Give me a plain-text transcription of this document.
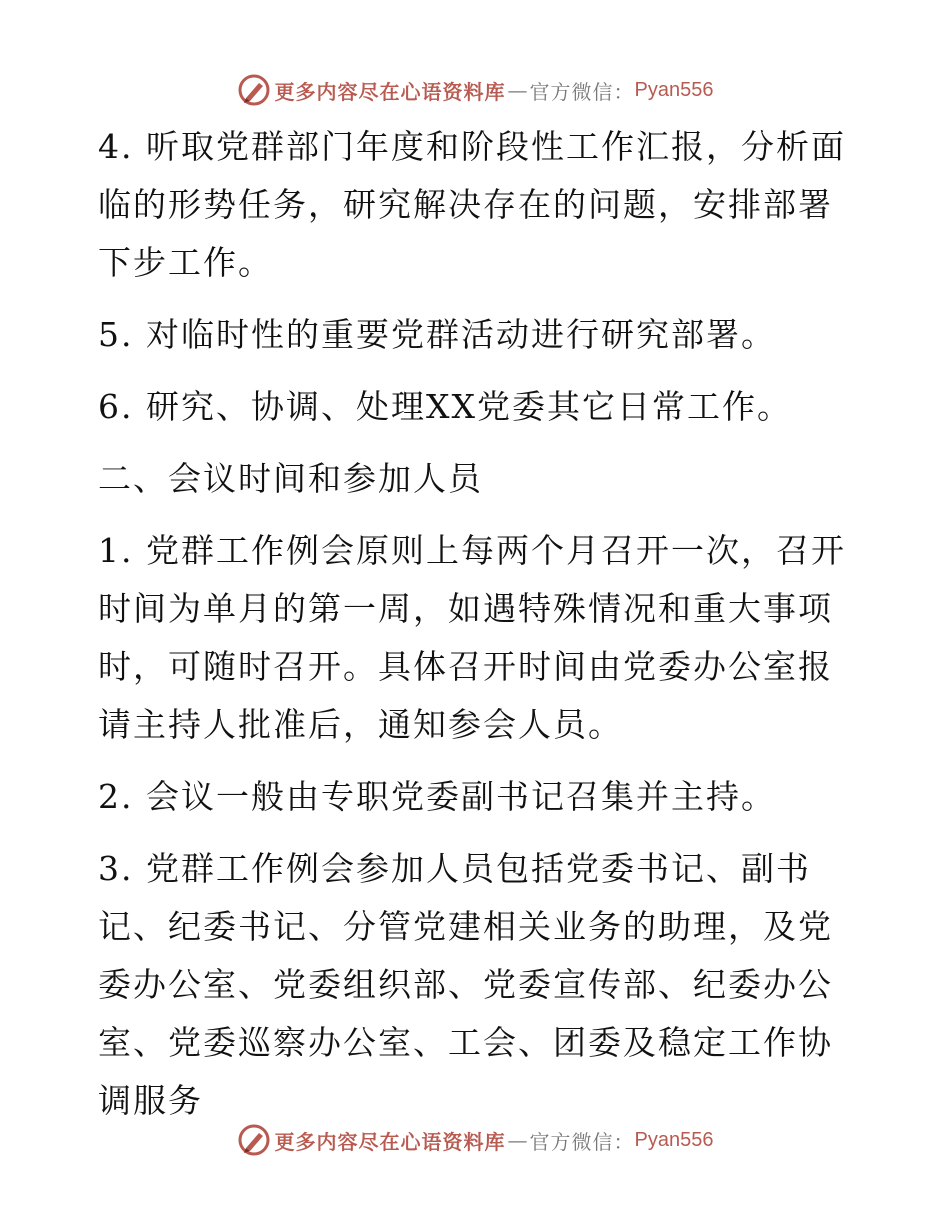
更多内容尽在心语资料库 — 官方微信： Pyan556

4. 听取党群部门年度和阶段性工作汇报，分析面临的形势任务，研究解决存在的问题，安排部署下步工作。

5. 对临时性的重要党群活动进行研究部署。

6. 研究、协调、处理XX党委其它日常工作。

二、会议时间和参加人员

1. 党群工作例会原则上每两个月召开一次，召开时间为单月的第一周，如遇特殊情况和重大事项时，可随时召开。具体召开时间由党委办公室报请主持人批准后，通知参会人员。

2. 会议一般由专职党委副书记召集并主持。

3. 党群工作例会参加人员包括党委书记、副书记、纪委书记、分管党建相关业务的助理，及党委办公室、党委组织部、党委宣传部、纪委办公室、党委巡察办公室、工会、团委及稳定工作协调服务

更多内容尽在心语资料库 — 官方微信： Pyan556
